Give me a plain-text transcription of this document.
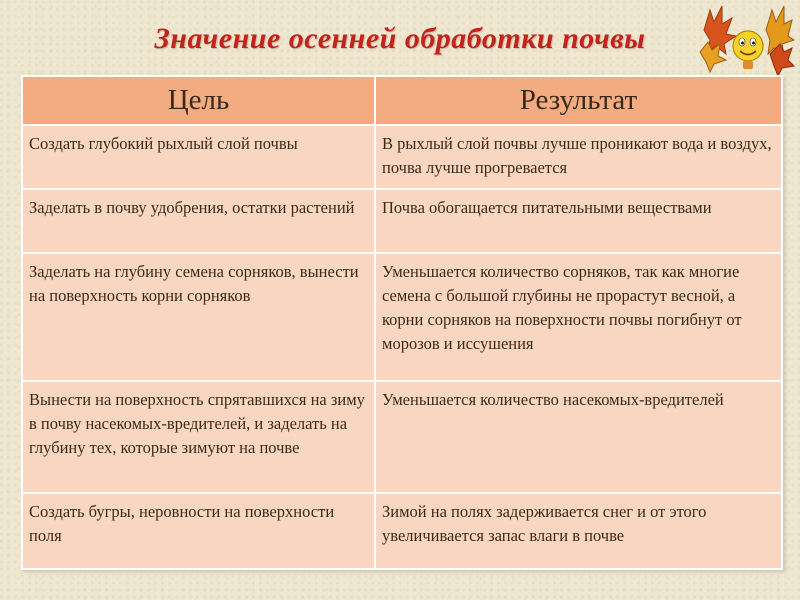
Значение осенней обработки почвы
Цель	Результат
Создать глубокий рыхлый слой почвы	В рыхлый слой почвы лучше проникают вода и воздух, почва лучше прогревается
Заделать в почву удобрения, остатки растений	Почва обогащается питательными веществами
Заделать на глубину семена сорняков, вынести на поверхность корни сорняков	Уменьшается количество сорняков, так как многие семена с большой глубины не прорастут весной, а корни сорняков на поверхности почвы погибнут от морозов и иссушения
Вынести на поверхность спрятавшихся на зиму в почву насекомых-вредителей, и заделать на глубину тех, которые зимуют на почве	Уменьшается количество насекомых-вредителей
Создать бугры, неровности на поверхности поля	Зимой на полях задерживается снег и от этого увеличивается запас влаги в почве
